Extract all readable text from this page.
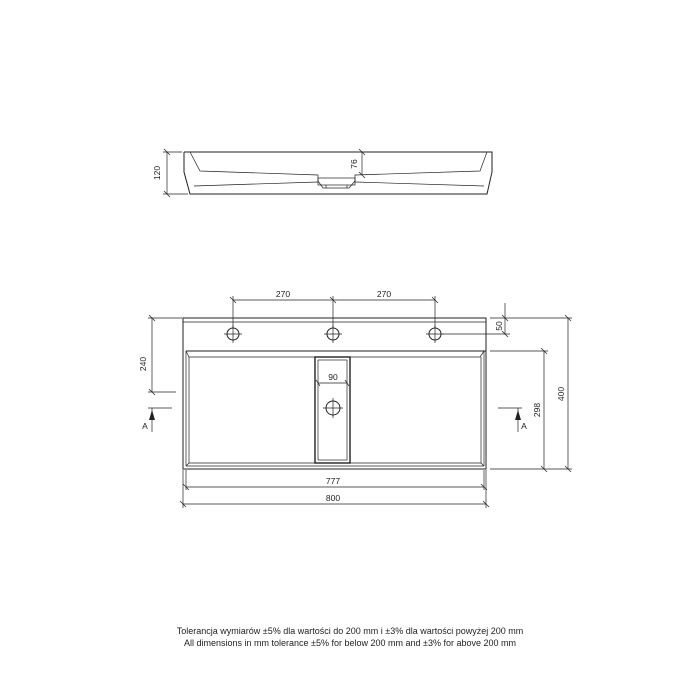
120
76
90
270	270
50
240
A	A
298
400
777
800
Tolerancja wymiarów ±5% dla wartości do 200 mm i ±3% dla wartości powyżej 200 mm
All dimensions in mm tolerance ±5% for below 200 mm and ±3% for above 200 mm
